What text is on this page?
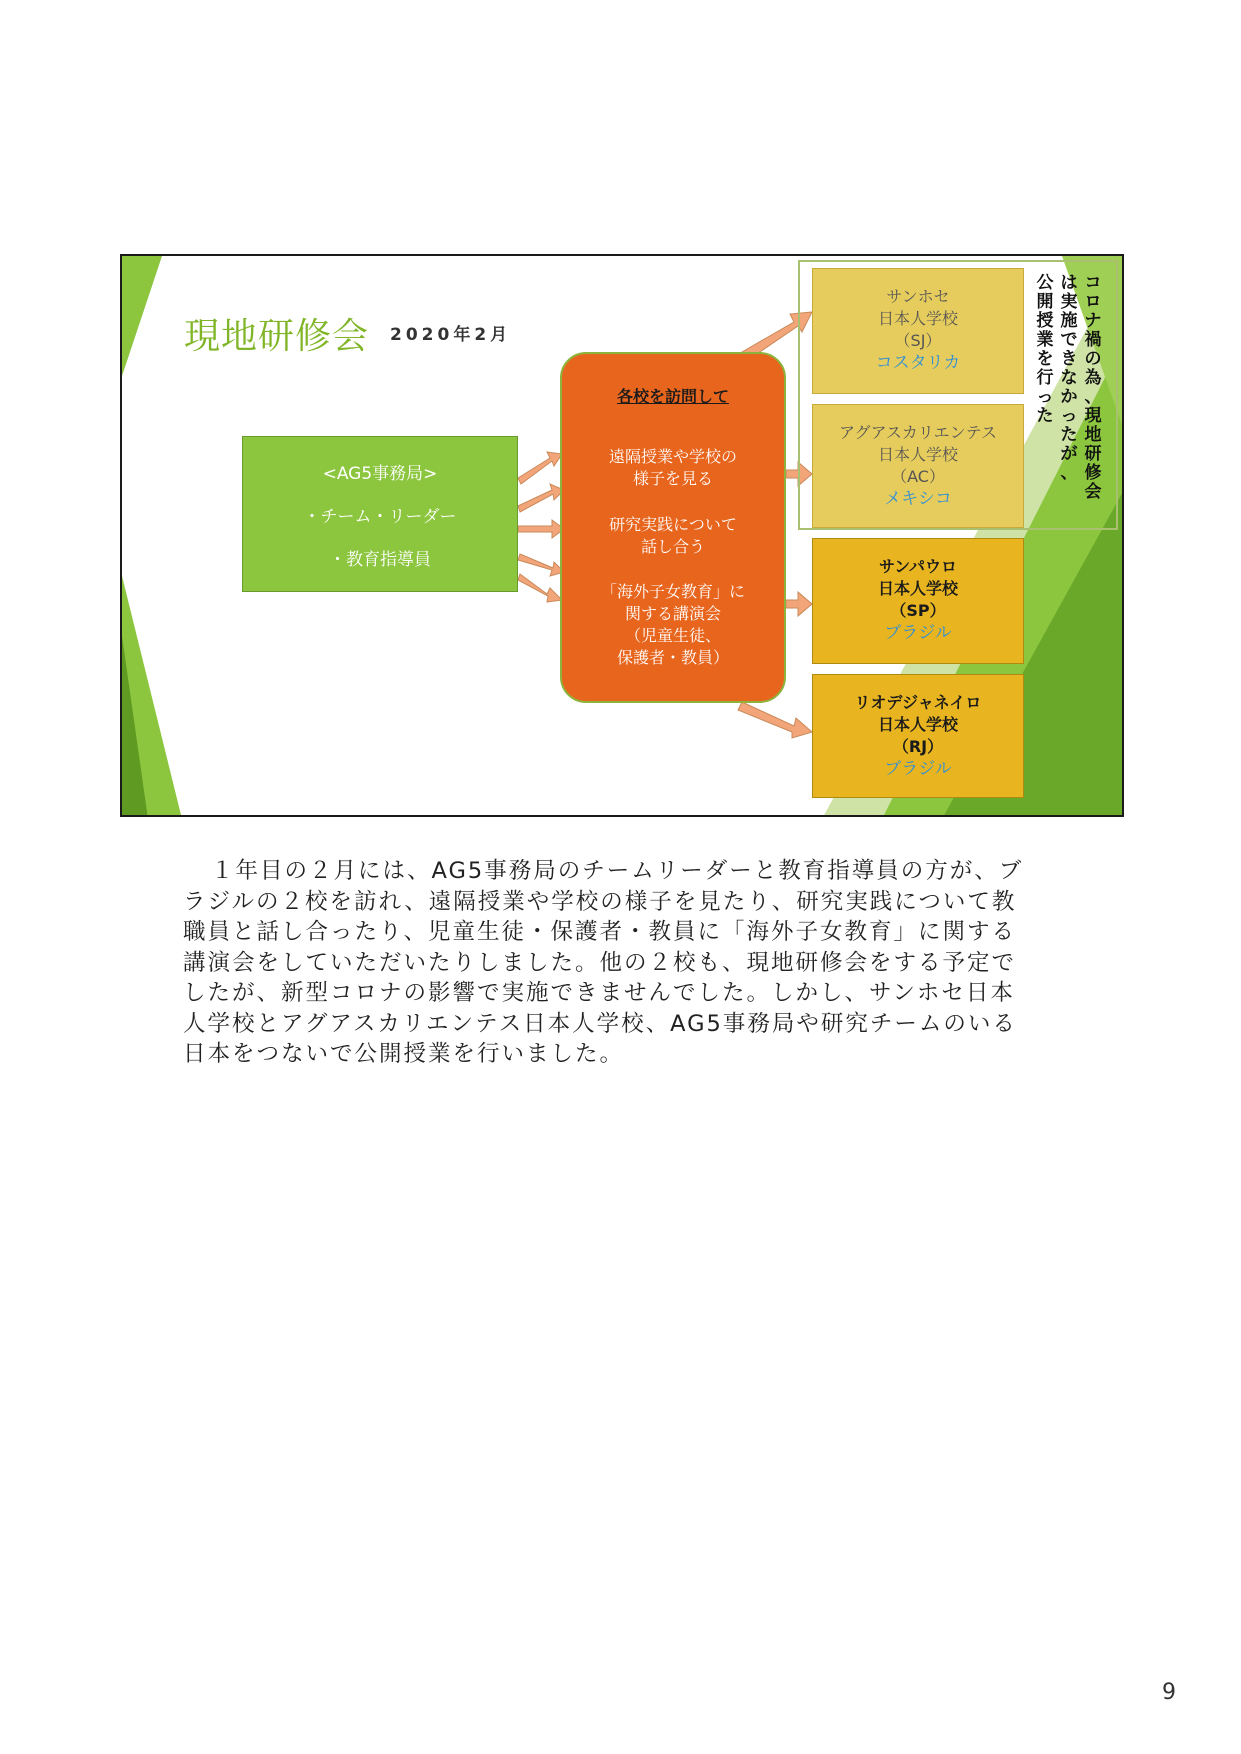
現地研修会 2020年2月
<AG5事務局>
・チーム・リーダー
・教育指導員
各校を訪問して
遠隔授業や学校の
様子を見る
研究実践について
話し合う
「海外子女教育」に
関する講演会
（児童生徒、
保護者・教員）
サンホセ
日本人学校
（SJ）
コスタリカ
アグアスカリエンテス
日本人学校
（AC）
メキシコ
サンパウロ
日本人学校
（SP）
ブラジル
リオデジャネイロ
日本人学校
（RJ）
ブラジル
コ
ロ
ナ
禍
の
為
、
現
地
研
修
会
は
実
施
で
き
な
か
っ
た
が
、
公
開
授
業
を
行
っ
た
１年目の２月には、AG5事務局のチームリーダーと教育指導員の方が、ブ
ラジルの２校を訪れ、遠隔授業や学校の様子を見たり、研究実践について教
職員と話し合ったり、児童生徒・保護者・教員に「海外子女教育」に関する
講演会をしていただいたりしました。他の２校も、現地研修会をする予定で
したが、新型コロナの影響で実施できませんでした。しかし、サンホセ日本
人学校とアグアスカリエンテス日本人学校、AG5事務局や研究チームのいる
日本をつないで公開授業を行いました。
9
